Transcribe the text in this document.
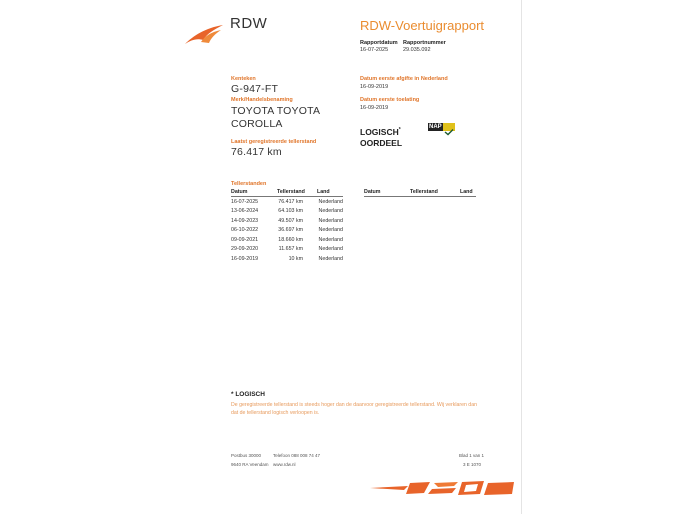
RDW	RDW-Voertuigrapport
Rapportdatum
16-07-2025
Rapportnummer
29.035.092
Kenteken
G-947-FT
Merk/Handelsbenaming
TOYOTA TOYOTA
COROLLA
Laatst geregistreerde tellerstand
76.417 km
Datum eerste afgifte in Nederland
16-09-2019
Datum eerste toelating
16-09-2019
LOGISCH*
OORDEEL
NAP
Tellerstanden
Datum	Tellerstand	Land
16-07-2025	76.417 km	Nederland
13-06-2024	64.103 km	Nederland
14-09-2023	49.507 km	Nederland
06-10-2022	36.697 km	Nederland
09-09-2021	18.660 km	Nederland
29-09-2020	11.657 km	Nederland
16-09-2019	10 km	Nederland
Datum	Tellerstand	Land
* LOGISCH
De geregistreerde tellerstand is steeds hoger dan de daarvoor geregistreerde tellerstand. Wij verklaren dan
dat de tellerstand logisch verloopen is.
Postbus 30000
9640 RA Veendam
Telefoon 088 008 74 47
www.rdw.nl
Blad 1 van 1
3 E 1070
